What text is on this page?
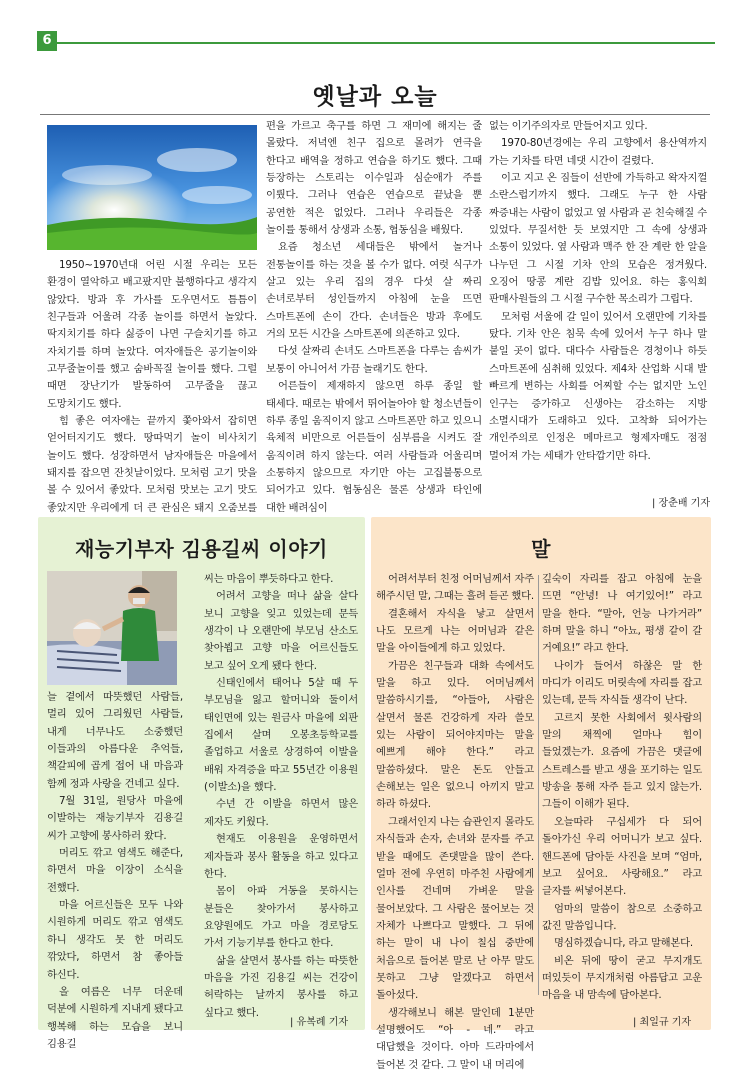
6
옛날과 오늘

1950~1970년대 어린 시절 우리는 모든 환경이 열악하고 배고팠지만 불행하다고 생각지 않았다. 방과 후 가사를 도우면서도 틈틈이 친구들과 어울려 각종 놀이를 하면서 놀았다. 딱지치기를 하다 싫증이 나면 구슬치기를 하고 자치기를 하며 놀았다. 여자애들은 공기놀이와 고무줄놀이를 했고 숨바꼭질 놀이를 했다. 그럴 때면 장난기가 발동하여 고무줄을 끊고 도망치기도 했다.

힘 좋은 여자애는 끝까지 쫓아와서 잡히면 얻어터지기도 했다. 땅따먹기 놀이 비사치기 놀이도 했다. 성장하면서 남자애들은 마을에서 돼지를 잡으면 잔칫날이었다. 모처럼 고기 맛을 볼 수 있어서 좋았다. 모처럼 맛보는 고기 맛도 좋았지만 우리에게 더 큰 관심은 돼지 오줌보를

편을 가르고 축구를 하면 그 재미에 해지는 줄 몰랐다. 저녁엔 친구 집으로 몰려가 연극을 한다고 배역을 정하고 연습을 하기도 했다. 그때 등장하는 스토리는 이수일과 심순애가 주를 이뤘다. 그러나 연습은 연습으로 끝났을 뿐 공연한 적은 없었다. 그러나 우리들은 각종 놀이를 통해서 상생과 소통, 협동심을 배웠다.

요즘 청소년 세대들은 밖에서 놀거나 전통놀이를 하는 것을 볼 수가 없다. 여럿 식구가 살고 있는 우리 집의 경우 다섯 살 짜리 손녀로부터 성인들까지 아침에 눈을 뜨면 스마트폰에 손이 간다. 손녀들은 방과 후에도 거의 모든 시간을 스마트폰에 의존하고 있다.

다섯 살짜리 손녀도 스마트폰을 다루는 솜씨가 보통이 아니어서 가끔 놀래기도 한다.

어른들이 제재하지 않으면 하루 종일 할 태세다. 때로는 밖에서 뛰어놀아야 할 청소년들이 하루 종일 움직이지 않고 스마트폰만 하고 있으니 육체적 비만으로 어른들이 심부름을 시켜도 잘 움직이려 하지 않는다. 여러 사람들과 어울리며 소통하지 않으므로 자기만 아는 고집불통으로 되어가고 있다. 협동심은 물론 상생과 타인에 대한 배려심이

없는 이기주의자로 만들어지고 있다.

1970-80년경에는 우리 고향에서 용산역까지 가는 기차를 타면 네댓 시간이 걸렸다.

이고 지고 온 짐들이 선반에 가득하고 왁자지껄 소란스럽기까지 했다. 그래도 누구 한 사람 짜증내는 사람이 없었고 옆 사람과 곧 친숙해질 수 있었다. 무질서한 듯 보였지만 그 속에 상생과 소통이 있었다. 옆 사람과 맥주 한 잔 계란 한 알을 나누던 그 시절 기차 안의 모습은 정겨웠다. 오징어 땅콩 계란 김밥 있어요. 하는 홍익회 판매사원들의 그 시절 구수한 목소리가 그립다.

모처럼 서울에 갈 일이 있어서 오랜만에 기차를 탔다. 기차 안은 침묵 속에 있어서 누구 하나 말 붙일 곳이 없다. 대다수 사람들은 경청이나 하듯 스마트폰에 심취해 있었다. 제4차 산업화 시대 발 빠르게 변하는 사회를 어찌할 수는 없지만 노인 인구는 증가하고 신생아는 감소하는 지방 소멸시대가 도래하고 있다. 고착화 되어가는 개인주의로 인정은 메마르고 형제자매도 점점 멀어져 가는 세태가 안타깝기만 하다.

| 장춘배 기자
재능기부자 김용길씨 이야기

늘 곁에서 따뜻했던 사람들, 멀리 있어 그리웠던 사람들, 내게 너무나도 소중했던 이들과의 아름다운 추억들, 책갈피에 곱게 접어 내 마음과 함께 정과 사랑을 건네고 싶다.

7월 31일, 원당사 마을에 이발하는 재능기부자 김용길 씨가 고향에 봉사하러 왔다.

머리도 깎고 염색도 해준다, 하면서 마을 이장이 소식을 전했다.

마을 어르신들은 모두 나와 시원하게 머리도 깎고 염색도 하니 생각도 못 한 머리도 깎았다, 하면서 참 좋아들 하신다.

올 여름은 너무 더운데 덕분에 시원하게 지내게 됐다고 행복해 하는 모습을 보니 김용길

씨는 마음이 뿌듯하다고 한다.

어려서 고향을 떠나 삶을 살다 보니 고향을 잊고 있었는데 문득 생각이 나 오랜만에 부모님 산소도 찾아뵙고 고향 마을 어르신들도 보고 싶어 오게 됐다 한다.

신태인에서 태어나 5살 때 두 부모님을 잃고 할머니와 둘이서 태인면에 있는 원금사 마을에 외판 집에서 살며 오봉초등학교를 졸업하고 서울로 상경하여 이발을 배워 자격증을 따고 55년간 이용원(이발소)을 했다.

수년 간 이발을 하면서 많은 제자도 키웠다.

현재도 이용원을 운영하면서 제자들과 봉사 활동을 하고 있다고 한다.

몸이 아파 거동을 못하시는 분들은 찾아가서 봉사하고 요양원에도 가고 마을 경로당도 가서 기능기부를 한다고 한다.

삶을 살면서 봉사를 하는 따뜻한 마음을 가진 김용길 씨는 건강이 허락하는 날까지 봉사를 하고 싶다고 했다.

| 유복례 기자
말

어려서부터 친정 어머님께서 자주 해주시던 말, 그때는 흘려 듣곤 했다.

결혼해서 자식을 낳고 살면서 나도 모르게 나는 어머님과 같은 말을 아이들에게 하고 있었다.

가끔은 친구들과 대화 속에서도 말을 하고 있다. 어머님께서 말씀하시기를, “아들아, 사람은 살면서 물론 건강하게 자라 쓸모 있는 사람이 되어야지마는 말을 예쁘게 해야 한다.” 라고 말씀하셨다. 말은 돈도 안들고 손해보는 일은 없으니 아끼지 말고 하라 하셨다.

그래서인지 나는 습관인지 몰라도 자식들과 손자, 손녀와 문자를 주고 받을 때에도 존댓말을 많이 쓴다. 얼마 전에 우연히 마주친 사람에게 인사를 건네며 가벼운 말을 물어보았다. 그 사람은 물어보는 것 자체가 나쁘다고 말했다. 그 뒤에 하는 말이 내 나이 칠십 중반에 처음으로 들어본 말로 난 아무 말도 못하고 그냥 알겠다고 하면서 돌아섰다.

생각해보니 해본 말인데 1분만 설명했어도 “아 - 네.” 라고 대답했을 것이다. 아마 드라마에서 들어본 것 같다. 그 말이 내 머리에

깊숙이 자리를 잡고 아침에 눈을 뜨면 “안녕! 나 여기있어!” 라고 말을 한다. “말아, 언능 나가거라” 하며 말을 하니 “아뇨, 평생 같이 갈 거예요!” 라고 한다.

나이가 들어서 하찮은 말 한 마디가 이리도 머릿속에 자리를 잡고 있는데, 문득 자식들 생각이 난다.

고르지 못한 사회에서 윗사람의 말의 채찍에 얼마나 힘이 들었겠는가. 요즘에 가끔은 댓글에 스트레스를 받고 생을 포기하는 일도 방송을 통해 자주 듣고 있지 않는가. 그들이 이해가 된다.

오늘따라 구십세가 다 되어 돌아가신 우리 어머니가 보고 싶다. 핸드폰에 담아둔 사진을 보며 “엄마, 보고 싶어요. 사랑해요.” 라고 글자를 써넣어본다.

엄마의 말씀이 참으로 소중하고 값진 말씀입니다.

명심하겠습니다, 라고 말해본다.

비온 뒤에 땅이 굳고 무지개도 떠있듯이 무지개처럼 아름답고 고운 마음을 내 맘속에 담아본다.

| 최일규 기자
